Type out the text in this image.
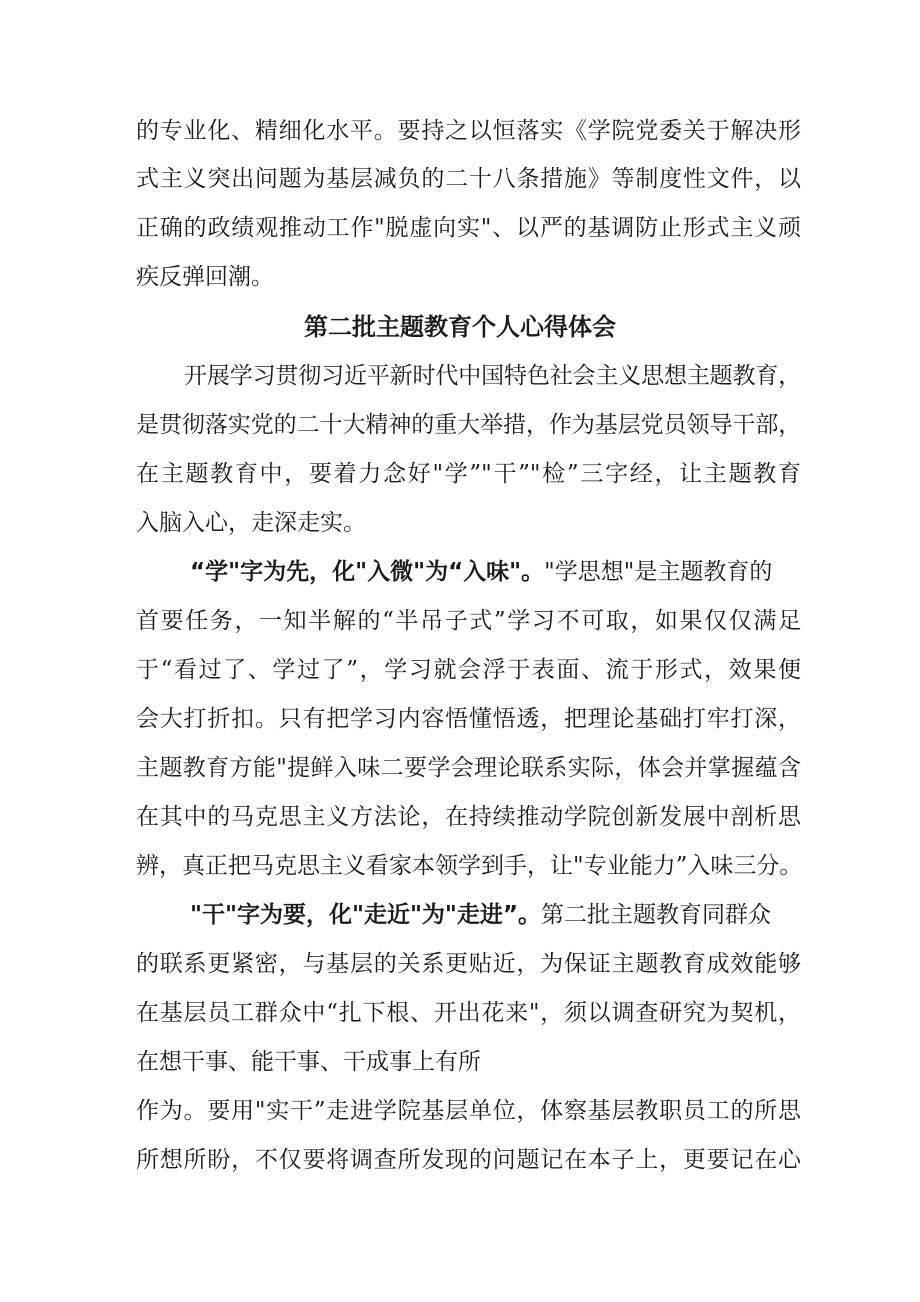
的专业化、精细化水平。要持之以恒落实《学院党委关于解决形
式主义突出问题为基层减负的二十八条措施》等制度性文件，以
正确的政绩观推动工作"脱虚向实"、以严的基调防止形式主义顽
疾反弹回潮。
第二批主题教育个人心得体会
开展学习贯彻习近平新时代中国特色社会主义思想主题教育，
是贯彻落实党的二十大精神的重大举措，作为基层党员领导干部，
在主题教育中，要着力念好"学”"干”"检”三字经，让主题教育
入脑入心，走深走实。
“学"字为先，化"入微"为“入味"。"学思想"是主题教育的
首要任务，一知半解的“半吊子式”学习不可取，如果仅仅满足
于“看过了、学过了”，学习就会浮于表面、流于形式，效果便
会大打折扣。只有把学习内容悟懂悟透，把理论基础打牢打深，
主题教育方能"提鲜入味二要学会理论联系实际，体会并掌握蕴含
在其中的马克思主义方法论，在持续推动学院创新发展中剖析思
辨，真正把马克思主义看家本领学到手，让"专业能力”入味三分。
"干"字为要，化"走近"为"走进”。第二批主题教育同群众
的联系更紧密，与基层的关系更贴近，为保证主题教育成效能够
在基层员工群众中“扎下根、开出花来"，须以调查研究为契机，
在想干事、能干事、干成事上有所
作为。要用"实干”走进学院基层单位，体察基层教职员工的所思
所想所盼，不仅要将调查所发现的问题记在本子上，更要记在心
